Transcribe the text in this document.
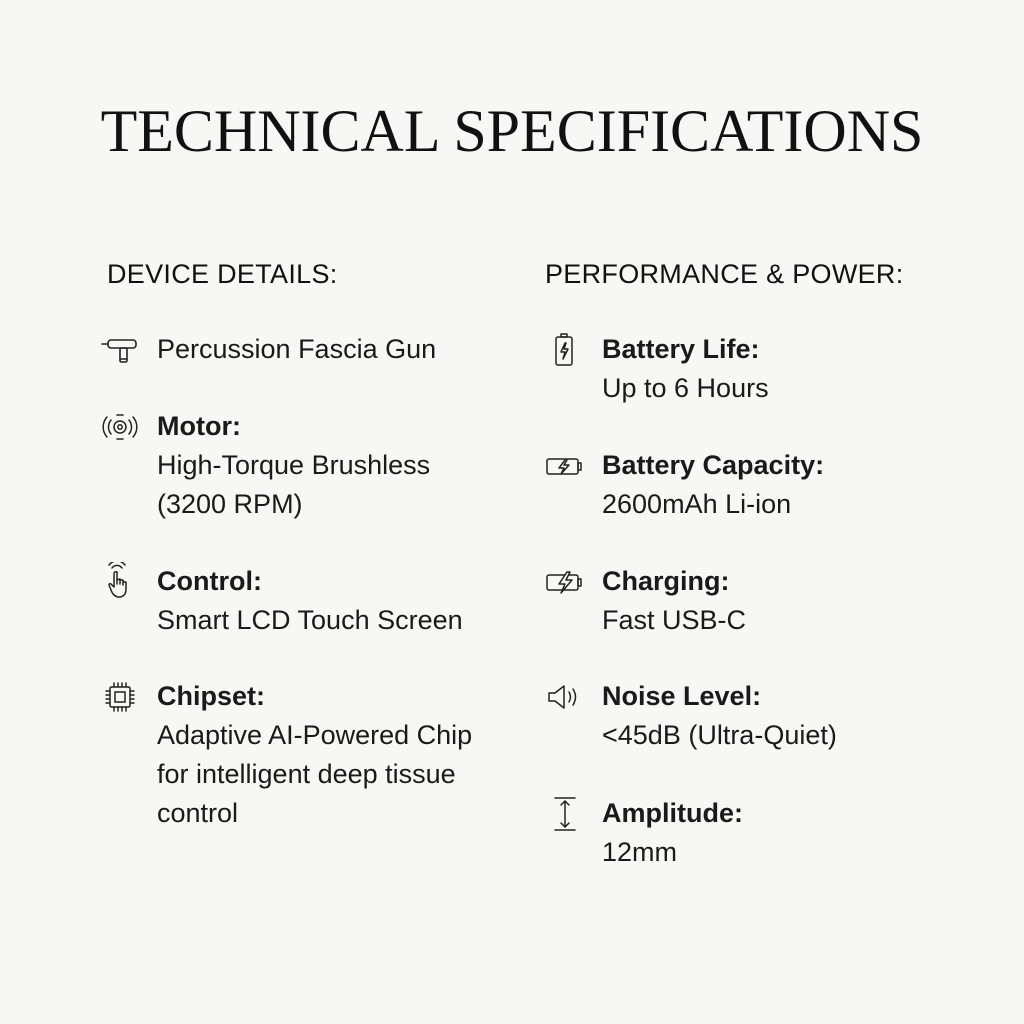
TECHNICAL SPECIFICATIONS
DEVICE DETAILS:
Percussion Fascia Gun
Motor:
High-Torque Brushless (3200 RPM)
Control:
Smart LCD Touch Screen
Chipset:
Adaptive AI-Powered Chip for intelligent deep tissue control
PERFORMANCE & POWER:
Battery Life:
Up to 6 Hours
Battery Capacity:
2600mAh Li-ion
Charging:
Fast USB-C
Noise Level:
<45dB (Ultra-Quiet)
Amplitude:
12mm
